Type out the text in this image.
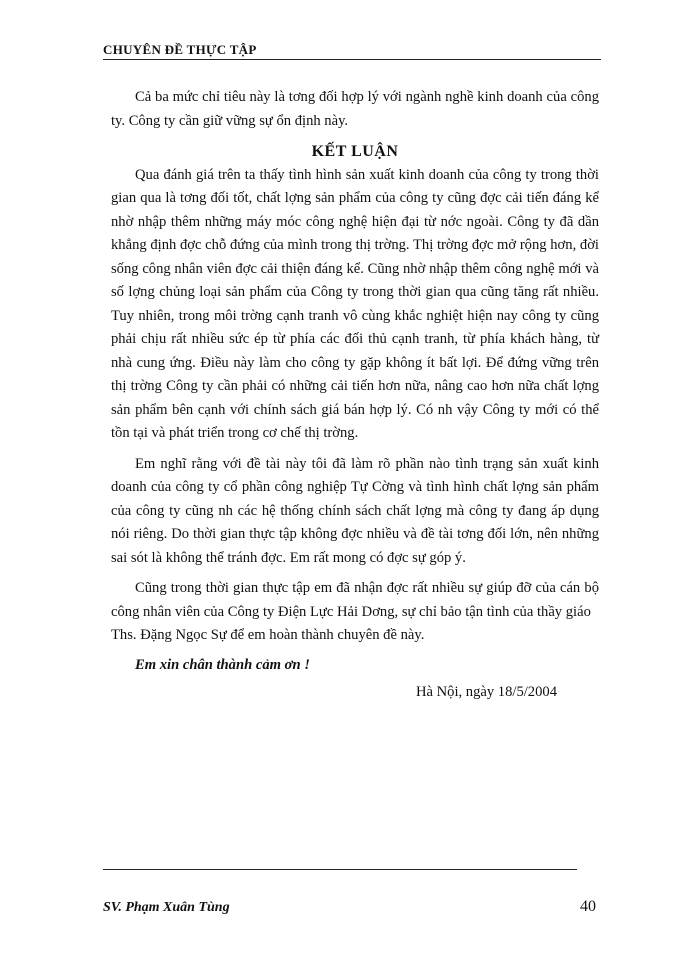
CHUYÊN ĐỀ THỰC TẬP

Cả ba mức chỉ tiêu này là tơng đối hợp lý với ngành nghề kinh doanh của công ty. Công ty cần giữ vững sự ổn định này.

KẾT LUẬN

Qua đánh giá trên ta thấy tình hình sản xuất kinh doanh của công ty trong thời gian qua là tơng đối tốt, chất lợng sản phẩm của công ty cũng đợc cải tiến đáng kể nhờ nhập thêm những máy móc công nghệ hiện đại từ nớc ngoài. Công ty đã dần khẳng định đợc chỗ đứng của mình trong thị trờng. Thị trờng đợc mở rộng hơn, đời sống công nhân viên đợc cải thiện đáng kể. Cũng nhờ nhập thêm công nghệ mới và số lợng chủng loại sản phẩm của Công ty trong thời gian qua cũng tăng rất nhiều. Tuy nhiên, trong môi trờng cạnh tranh vô cùng khắc nghiệt hiện nay công ty cũng phải chịu rất nhiều sức ép từ phía các đối thủ cạnh tranh, từ phía khách hàng, từ nhà cung ứng. Điều này làm cho công ty gặp không ít bất lợi. Để đứng vững trên thị trờng Công ty cần phải có những cải tiến hơn nữa, nâng cao hơn nữa chất lợng sản phẩm bên cạnh với chính sách giá bán hợp lý. Có nh vậy Công ty mới có thể tồn tại và phát triển trong cơ chế thị trờng.

Em nghĩ rằng với đề tài này tôi đã làm rõ phần nào tình trạng sản xuất kinh doanh của công ty cổ phần công nghiệp Tự Cờng và tình hình chất lợng sản phẩm của công ty cũng nh các hệ thống chính sách chất lợng mà công ty đang áp dụng nói riêng. Do thời gian thực tập không đợc nhiều và đề tài tơng đối lớn, nên những sai sót là không thể tránh đợc. Em rất mong có đợc sự góp ý.

Cũng trong thời gian thực tập em đã nhận đợc rất nhiều sự giúp đỡ của cán bộ công nhân viên của Công ty Điện Lực Hải Dơng, sự chỉ bảo tận tình của thầy giáo

Ths. Đặng Ngọc Sự để em hoàn thành chuyên đề này.

Em xin chân thành cảm ơn !

Hà Nội, ngày 18/5/2004

SV. Phạm Xuân Tùng	40
